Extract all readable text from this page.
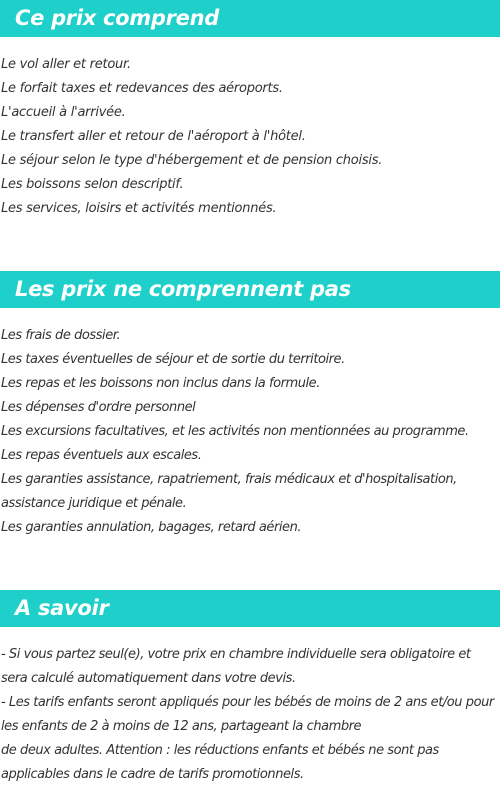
Ce prix comprend
Le vol aller et retour.
Le forfait taxes et redevances des aéroports.
L'accueil à l'arrivée.
Le transfert aller et retour de l'aéroport à l'hôtel.
Le séjour selon le type d'hébergement et de pension choisis.
Les boissons selon descriptif.
Les services, loisirs et activités mentionnés.
Les prix ne comprennent pas
Les frais de dossier.
Les taxes éventuelles de séjour et de sortie du territoire.
Les repas et les boissons non inclus dans la formule.
Les dépenses d'ordre personnel
Les excursions facultatives, et les activités non mentionnées au programme.
Les repas éventuels aux escales.
Les garanties assistance, rapatriement, frais médicaux et d'hospitalisation,
assistance juridique et pénale.
Les garanties annulation, bagages, retard aérien.
A savoir
- Si vous partez seul(e), votre prix en chambre individuelle sera obligatoire et
sera calculé automatiquement dans votre devis.
- Les tarifs enfants seront appliqués pour les bébés de moins de 2 ans et/ou pour
les enfants de 2 à moins de 12 ans, partageant la chambre
de deux adultes. Attention : les réductions enfants et bébés ne sont pas
applicables dans le cadre de tarifs promotionnels.
